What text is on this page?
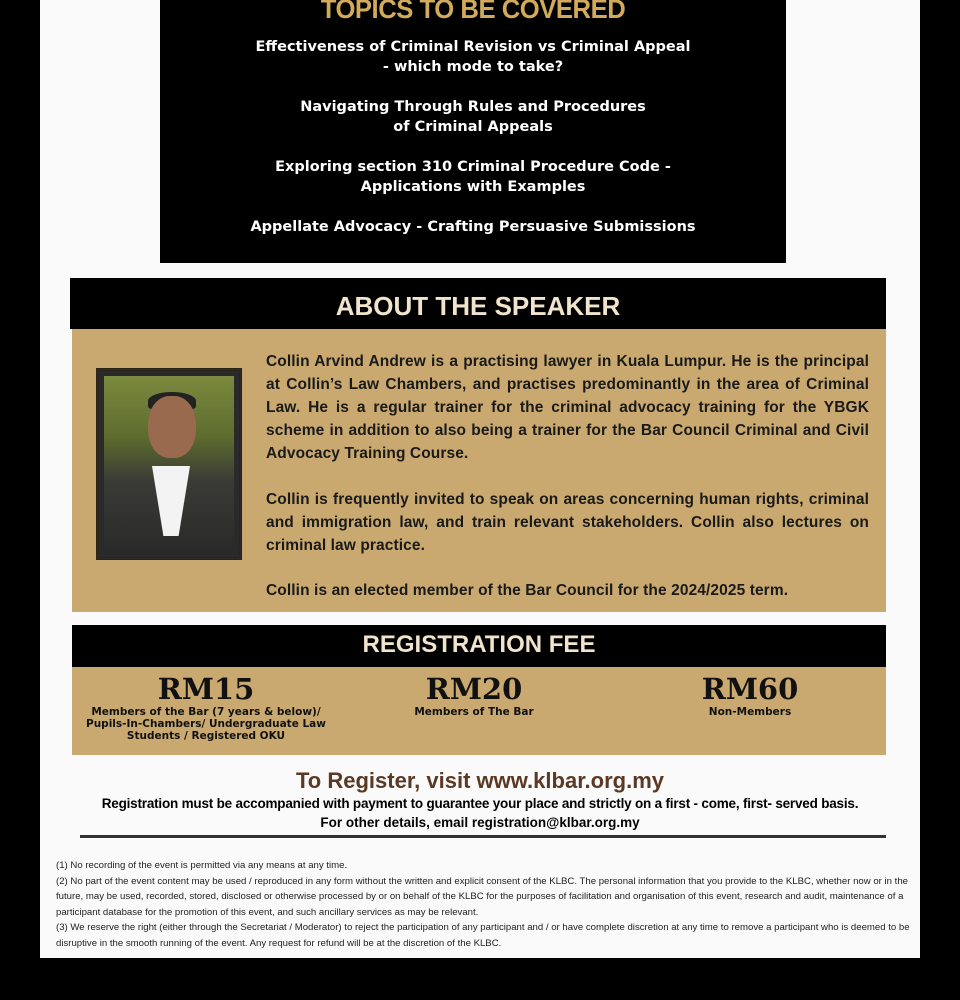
TOPICS TO BE COVERED
Effectiveness of Criminal Revision vs Criminal Appeal - which mode to take?
Navigating Through Rules and Procedures of Criminal Appeals
Exploring section 310 Criminal Procedure Code - Applications with Examples
Appellate Advocacy - Crafting Persuasive Submissions
ABOUT THE SPEAKER

Collin Arvind Andrew is a practising lawyer in Kuala Lumpur. He is the principal at Collin’s Law Chambers, and practises predominantly in the area of Criminal Law. He is a regular trainer for the criminal advocacy training for the YBGK scheme in addition to also being a trainer for the Bar Council Criminal and Civil Advocacy Training Course.

Collin is frequently invited to speak on areas concerning human rights, criminal and immigration law, and train relevant stakeholders. Collin also lectures on criminal law practice.

Collin is an elected member of the Bar Council for the 2024/2025 term.

REGISTRATION FEE
RM15
Members of the Bar (7 years & below)/ Pupils-In-Chambers/ Undergraduate Law Students / Registered OKU
RM20
Members of The Bar
RM60
Non-Members
To Register, visit www.klbar.org.my
Registration must be accompanied with payment to guarantee your place and strictly on a first - come, first- served basis.
For other details, email registration@klbar.org.my
(1) No recording of the event is permitted via any means at any time.
(2) No part of the event content may be used / reproduced in any form without the written and explicit consent of the KLBC. The personal information that you provide to the KLBC, whether now or in the future, may be used, recorded, stored, disclosed or otherwise processed by or on behalf of the KLBC for the purposes of facilitation and organisation of this event, research and audit, maintenance of a participant database for the promotion of this event, and such ancillary services as may be relevant.
(3) We reserve the right (either through the Secretariat / Moderator) to reject the participation of any participant and / or have complete discretion at any time to remove a participant who is deemed to be disruptive in the smooth running of the event. Any request for refund will be at the discretion of the KLBC.
